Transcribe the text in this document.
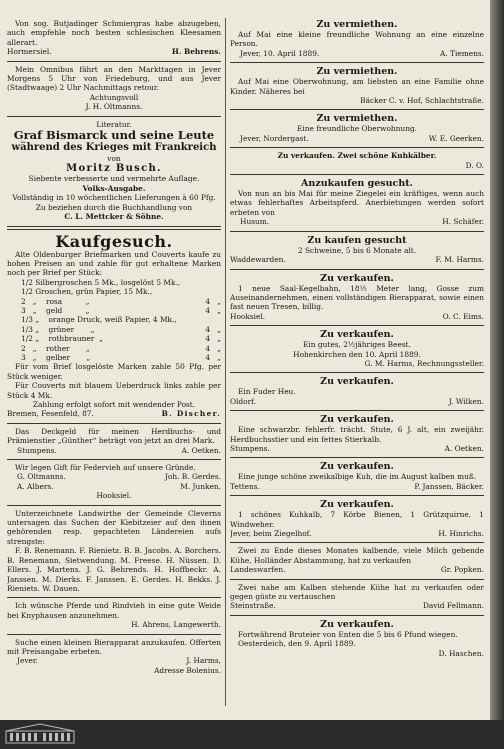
Von sog. Butjadinger Schmiergras habe abzugeben, auch empfehle noch besten schlesischen Kleesamen allerart.

Hormersiel.	H. Behrens.

Mein Omnibus fährt an den Markttagen in Jever Morgens 5 Uhr von Friedeburg, und aus Jever (Stadtwaage) 2 Uhr Nachmittags retour.

Achtungsvoll

J. H. Oltmanns.

Literatur.

Graf Bismarck und seine Leute

während des Krieges mit Frankreich

von

Moritz Busch.

Siebente verbesserte und vermehrte Auflage.

Volks-Ausgabe.

Vollständig in 10 wöchentlichen Lieferungen à 60 Pfg.

Zu beziehen durch die Buchhandlung von

C. L. Mettcker & Söhne.

Kaufgesuch.

Alte Oldenburger Briefmarken und Couverts kaufe zu hohen Preisen an und zahle für gut erhaltene Marken noch per Brief per Stück:

1/2 Silbergroschen 5 Mk., losgelöst 5 Mk.,
1/2 Groschen, grün Papier, 15 Mk.,
2   „    rosa          „	4   „
3   „    geld          „	4   „
1/3 „    orange Druck, weiß Papier, 4 Mk.,
1/3 „    grüner       „	4   „
1/2 „    rothbrauner  „	4   „
2   „    rother       „	4   „
3   „    gelber       „	4   „

Für vom Brief losgelöste Marken zahle 50 Pfg. per Stück weniger.

Für Couverts mit blauem Ueberdruck links zahle per Stück 4 Mk.

Zahlung erfolgt sofort mit wendender Post.

Bremen, Fesenfeld, 87.	B. Discher.

Das Deckgeld für meinen Herdbuchs- und Prämienstier „Günther“ beträgt von jetzt an drei Mark.

Stumpens.	A. Oetken.

Wir legen Gift für Federvieh auf unsere Gründe.

G. Oltmanns.	Joh. B. Gerdes.
A. Albers.	M. Junken.

Hooksiel.

Unterzeichnete Landwirthe der Gemeinde Cleverns untersagen das Suchen der Kiebitzeier auf den ihnen gehörenden resp. gepachteten Ländereien aufs strengste:

F. B. Renemann. F. Rienietz. B. B. Jacobs. A. Borchers. B. Renemann, Sietwendung. M. Freese. H. Nüssen. D. Ellers. J. Martens. J. G. Behrends. H. Hoffbeckr. A. Janssen. M. Dierks. F. Janssen. E. Gerdes. H. Bekks. J. Rieniets. W. Dauen.

Ich wünsche Pferde und Rindvieh in eine gute Weide bei Knyphausen anzunehmen.

H. Ahrens, Langewerth.

Suche einen kleinen Bierapparat anzukaufen. Offerten mit Preisangabe erbeten.

Jever.	J. Harms,

Adresse Bolenius.

Zu vermiethen.

Auf Mai eine kleine freundliche Wohnung an eine einzelne Person.

Jever, 10. April 1889.	A. Tiemens.

Zu vermiethen.

Auf Mai eine Oberwohnung, am liebsten an eine Familie ohne Kinder. Näheres bei

Bäcker C. v. Hof, Schlachtstraße.

Zu vermiethen.

Eine freundliche Oberwohnung.

Jever, Nordergast.	W. E. Geerken.

Zu verkaufen. Zwei schöne Kuhkälber.

D. O.

Anzukaufen gesucht.

Von nun an bis Mai für meine Ziegelei ein kräftiges, wenn auch etwas fehlerhaftes Arbeitspferd. Anerbietungen werden sofort erbeten von

Husum.	H. Schäfer.

Zu kaufen gesucht

2 Schweine, 5 bis 6 Monate alt.

Waddewarden.	F. M. Harms.

Zu verkaufen.

1 neue Saal-Kegelbahn, 18½ Meter lang, Gosse zum Auseinandernehmen, einen vollständigen Bierapparat, sowie einen fast neuen Tresen, billig.

Hooksiel.	O. C. Eims.

Zu verkaufen.

Ein gutes, 2½jähriges Beest.

Hohenkirchen den 10. April 1889.

G. M. Harms, Rechnungssteller.

Zu verkaufen.

Ein Fuder Heu.

Oldorf.	J. Wilken.

Zu verkaufen.

Eine schwarzbr. fehlerfr. trächt. Stute, 6 J. alt, ein zweijähr. Herdbuchsstier und ein fettes Stierkalb.

Stumpens.	A. Oetken.

Zu verkaufen.

Eine junge schöne zweikalbige Kuh, die im August kalben muß.

Tettens.	P. Janssen, Bäcker.

Zu verkaufen.

1 schönes Kuhkalb, 7 Körbe Bienen, 1 Grützquirne, 1 Windweher.

Jever, beim Ziegelhof.	H. Hinrichs.

Zwei zu Ende dieses Monates kalbende, viele Milch gebende Kühe, Holländer Abstammung, hat zu verkaufen

Landeswarfen.	Gr. Popken.

Zwei nahe am Kalben stehende Kühe hat zu verkaufen oder gegen güste zu vertauschen

Steinstraße.	David Fellmann.

Zu verkaufen.

Fortwährend Bruteier von Enten die 5 bis 6 Pfund wiegen.

Oesterdeich, den 9. April 1889.

D. Haschen.
